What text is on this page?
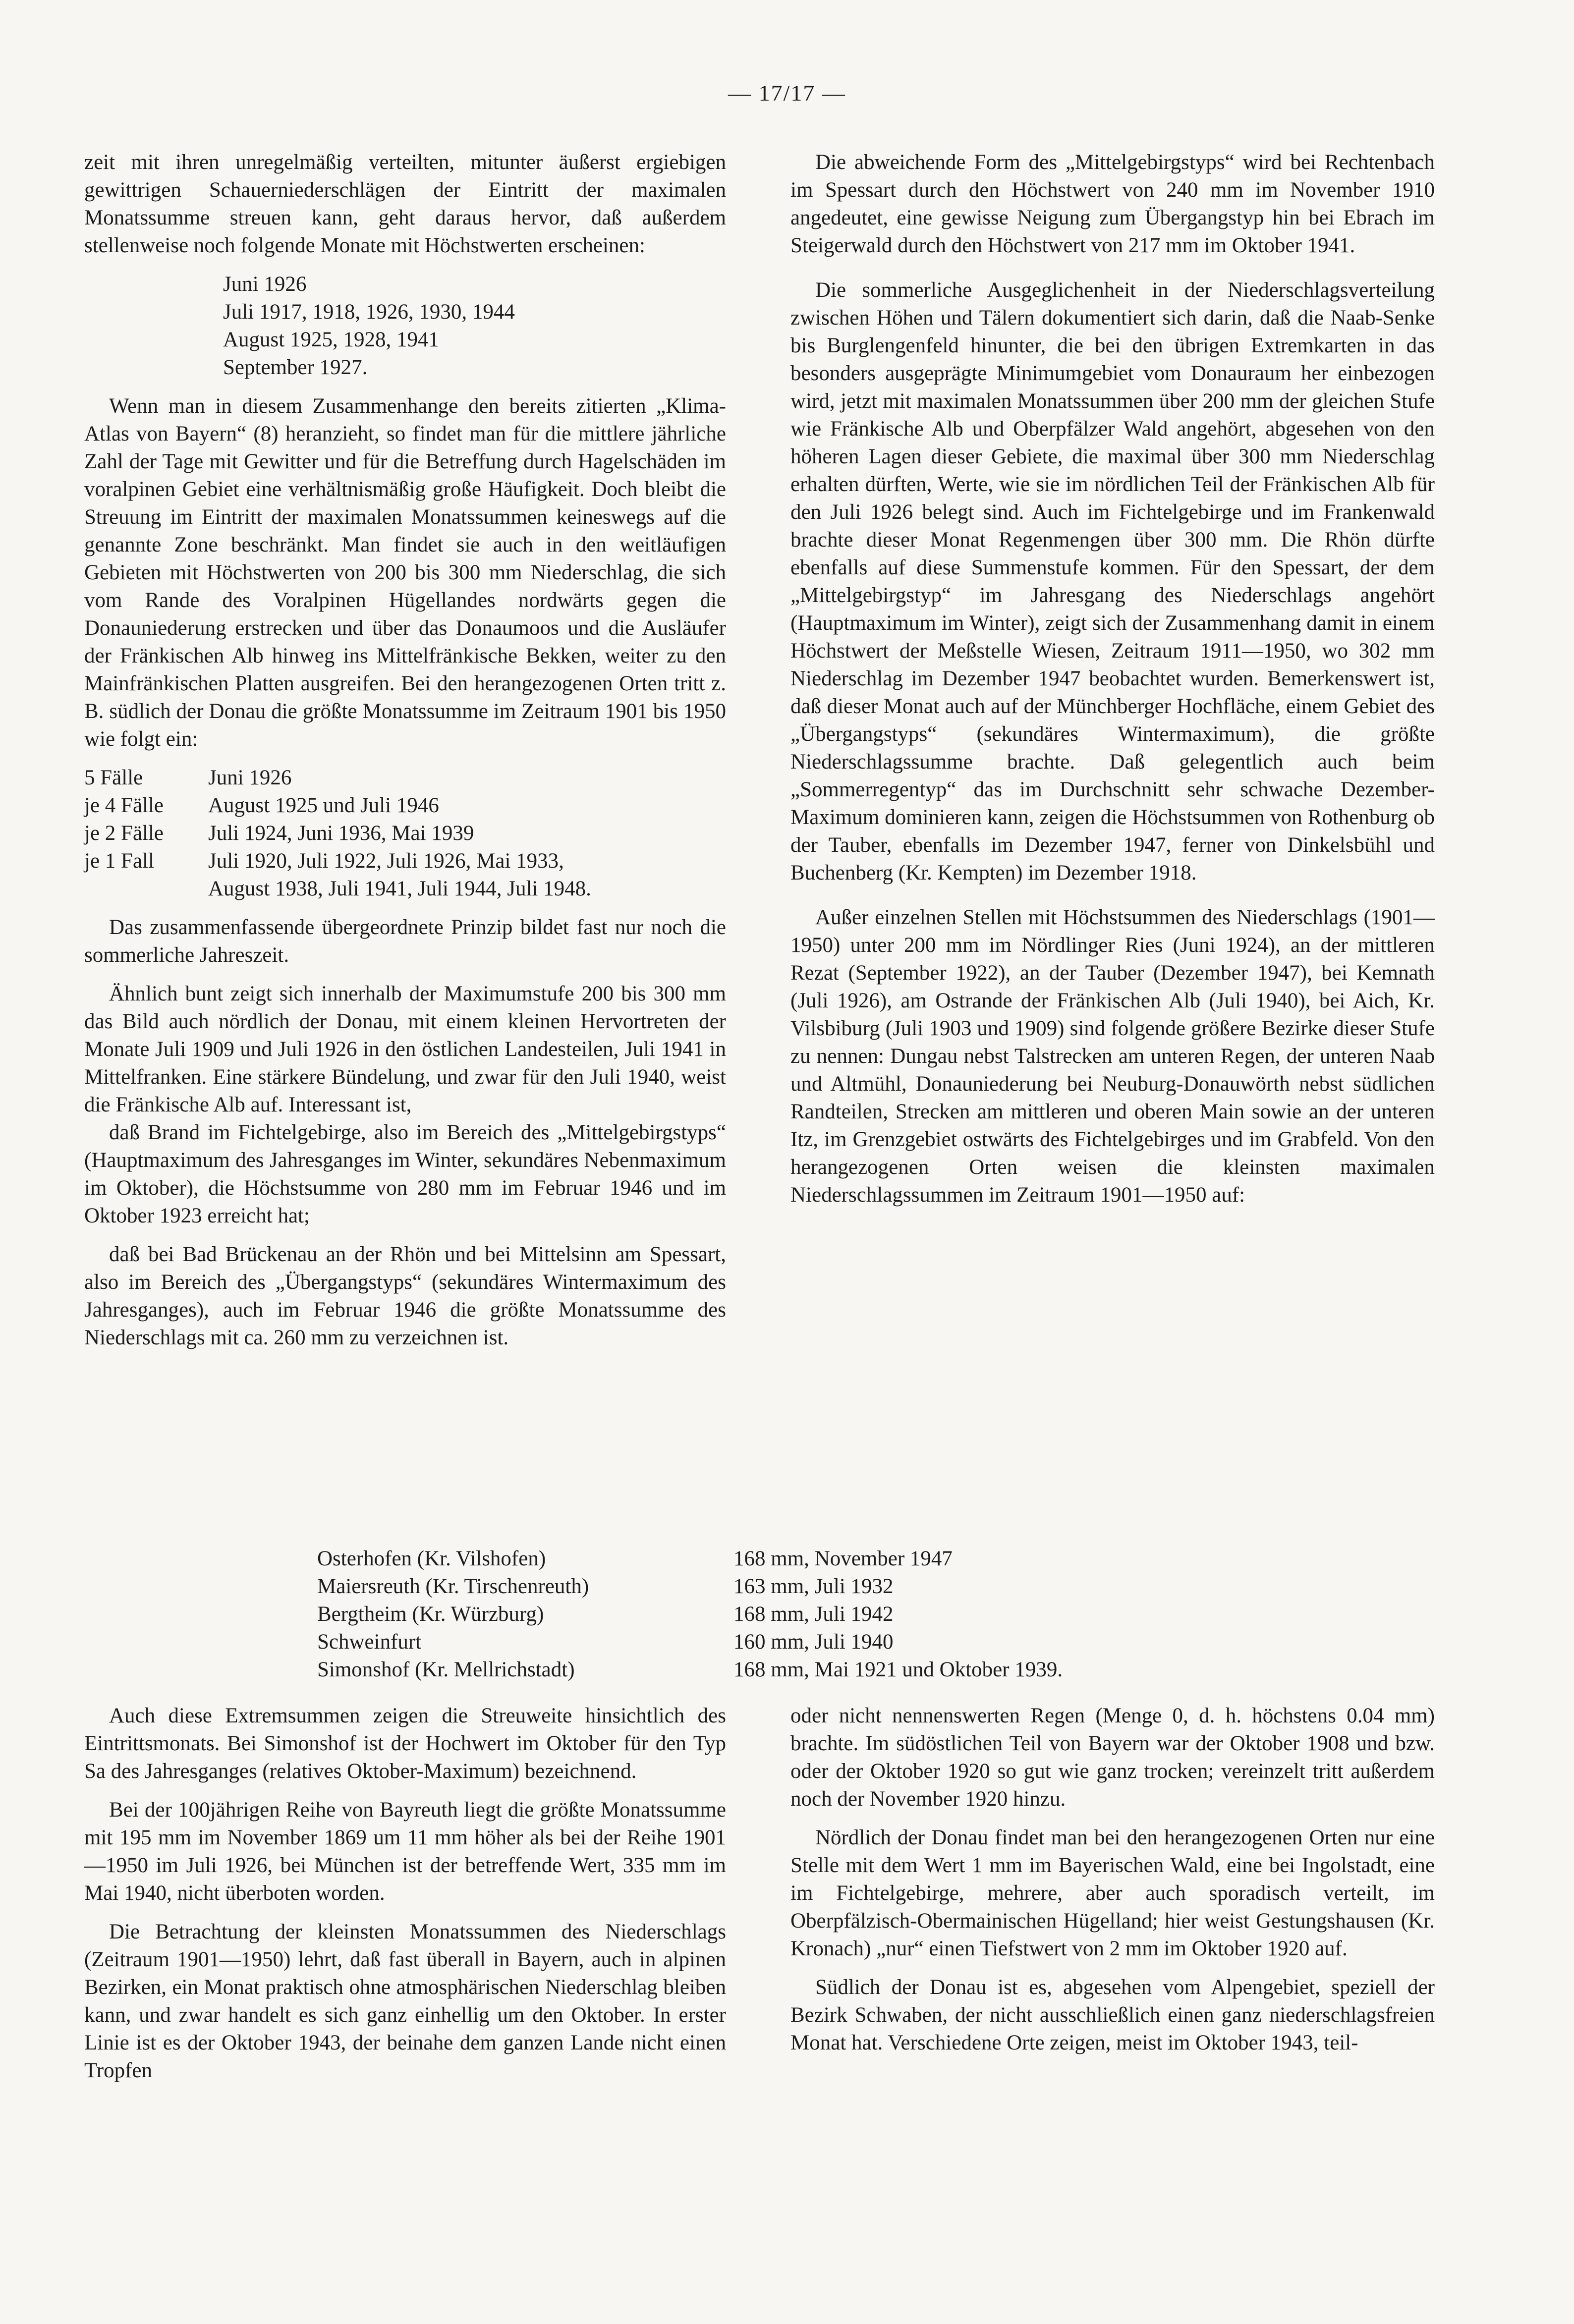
— 17/17 —

zeit mit ihren unregelmäßig verteilten, mitunter äußerst ergiebigen gewittrigen Schauerniederschlägen der Eintritt der maximalen Monatssumme streuen kann, geht daraus hervor, daß außerdem stellenweise noch folgende Monate mit Höchstwerten erscheinen:

Juni 1926
Juli 1917, 1918, 1926, 1930, 1944
August 1925, 1928, 1941
September 1927.

Wenn man in diesem Zusammenhange den bereits zitierten „Klima-Atlas von Bayern“ (8) heranzieht, so findet man für die mittlere jährliche Zahl der Tage mit Gewitter und für die Betreffung durch Hagelschäden im voralpinen Gebiet eine verhältnismäßig große Häufigkeit. Doch bleibt die Streuung im Eintritt der maximalen Monatssummen keineswegs auf die genannte Zone beschränkt. Man findet sie auch in den weitläufigen Gebieten mit Höchstwerten von 200 bis 300 mm Niederschlag, die sich vom Rande des Voralpinen Hügellandes nordwärts gegen die Donauniederung erstrecken und über das Donaumoos und die Ausläufer der Fränkischen Alb hinweg ins Mittelfränkische Bekken, weiter zu den Mainfränkischen Platten ausgreifen. Bei den herangezogenen Orten tritt z. B. südlich der Donau die größte Monatssumme im Zeitraum 1901 bis 1950 wie folgt ein:

5 Fälle	Juni 1926
je 4 Fälle	August 1925 und Juli 1946
je 2 Fälle	Juli 1924, Juni 1936, Mai 1939
je 1 Fall	Juli 1920, Juli 1922, Juli 1926, Mai 1933,
August 1938, Juli 1941, Juli 1944, Juli 1948.

Das zusammenfassende übergeordnete Prinzip bildet fast nur noch die sommerliche Jahreszeit.

Ähnlich bunt zeigt sich innerhalb der Maximumstufe 200 bis 300 mm das Bild auch nördlich der Donau, mit einem kleinen Hervortreten der Monate Juli 1909 und Juli 1926 in den östlichen Landesteilen, Juli 1941 in Mittelfranken. Eine stärkere Bündelung, und zwar für den Juli 1940, weist die Fränkische Alb auf. Interessant ist,

daß Brand im Fichtelgebirge, also im Bereich des „Mittelgebirgstyps“ (Hauptmaximum des Jahresganges im Winter, sekundäres Nebenmaximum im Oktober), die Höchstsumme von 280 mm im Februar 1946 und im Oktober 1923 erreicht hat;

daß bei Bad Brückenau an der Rhön und bei Mittelsinn am Spessart, also im Bereich des „Übergangstyps“ (sekundäres Wintermaximum des Jahresganges), auch im Februar 1946 die größte Monatssumme des Niederschlags mit ca. 260 mm zu verzeichnen ist.

Die abweichende Form des „Mittelgebirgstyps“ wird bei Rechtenbach im Spessart durch den Höchstwert von 240 mm im November 1910 angedeutet, eine gewisse Neigung zum Übergangstyp hin bei Ebrach im Steigerwald durch den Höchstwert von 217 mm im Oktober 1941.

Die sommerliche Ausgeglichenheit in der Niederschlagsverteilung zwischen Höhen und Tälern dokumentiert sich darin, daß die Naab-Senke bis Burglengenfeld hinunter, die bei den übrigen Extremkarten in das besonders ausgeprägte Minimumgebiet vom Donauraum her einbezogen wird, jetzt mit maximalen Monatssummen über 200 mm der gleichen Stufe wie Fränkische Alb und Oberpfälzer Wald angehört, abgesehen von den höheren Lagen dieser Gebiete, die maximal über 300 mm Niederschlag erhalten dürften, Werte, wie sie im nördlichen Teil der Fränkischen Alb für den Juli 1926 belegt sind. Auch im Fichtelgebirge und im Frankenwald brachte dieser Monat Regenmengen über 300 mm. Die Rhön dürfte ebenfalls auf diese Summenstufe kommen. Für den Spessart, der dem „Mittelgebirgstyp“ im Jahresgang des Niederschlags angehört (Hauptmaximum im Winter), zeigt sich der Zusammenhang damit in einem Höchstwert der Meßstelle Wiesen, Zeitraum 1911—1950, wo 302 mm Niederschlag im Dezember 1947 beobachtet wurden. Bemerkenswert ist, daß dieser Monat auch auf der Münchberger Hochfläche, einem Gebiet des „Übergangstyps“ (sekundäres Wintermaximum), die größte Niederschlagssumme brachte. Daß gelegentlich auch beim „Sommerregentyp“ das im Durchschnitt sehr schwache Dezember-Maximum dominieren kann, zeigen die Höchstsummen von Rothenburg ob der Tauber, ebenfalls im Dezember 1947, ferner von Dinkelsbühl und Buchenberg (Kr. Kempten) im Dezember 1918.

Außer einzelnen Stellen mit Höchstsummen des Niederschlags (1901—1950) unter 200 mm im Nördlinger Ries (Juni 1924), an der mittleren Rezat (September 1922), an der Tauber (Dezember 1947), bei Kemnath (Juli 1926), am Ostrande der Fränkischen Alb (Juli 1940), bei Aich, Kr. Vilsbiburg (Juli 1903 und 1909) sind folgende größere Bezirke dieser Stufe zu nennen: Dungau nebst Talstrecken am unteren Regen, der unteren Naab und Altmühl, Donauniederung bei Neuburg-Donauwörth nebst südlichen Randteilen, Strecken am mittleren und oberen Main sowie an der unteren Itz, im Grenzgebiet ostwärts des Fichtelgebirges und im Grabfeld. Von den herangezogenen Orten weisen die kleinsten maximalen Niederschlagssummen im Zeitraum 1901—1950 auf:

Osterhofen (Kr. Vilshofen)	168 mm, November 1947
Maiersreuth (Kr. Tirschenreuth)	163 mm, Juli 1932
Bergtheim (Kr. Würzburg)	168 mm, Juli 1942
Schweinfurt	160 mm, Juli 1940
Simonshof (Kr. Mellrichstadt)	168 mm, Mai 1921 und Oktober 1939.

Auch diese Extremsummen zeigen die Streuweite hinsichtlich des Eintrittsmonats. Bei Simonshof ist der Hochwert im Oktober für den Typ Sa des Jahresganges (relatives Oktober-Maximum) bezeichnend.

Bei der 100jährigen Reihe von Bayreuth liegt die größte Monatssumme mit 195 mm im November 1869 um 11 mm höher als bei der Reihe 1901—1950 im Juli 1926, bei München ist der betreffende Wert, 335 mm im Mai 1940, nicht überboten worden.

Die Betrachtung der kleinsten Monatssummen des Niederschlags (Zeitraum 1901—1950) lehrt, daß fast überall in Bayern, auch in alpinen Bezirken, ein Monat praktisch ohne atmosphärischen Niederschlag bleiben kann, und zwar handelt es sich ganz einhellig um den Oktober. In erster Linie ist es der Oktober 1943, der beinahe dem ganzen Lande nicht einen Tropfen

oder nicht nennenswerten Regen (Menge 0, d. h. höchstens 0.04 mm) brachte. Im südöstlichen Teil von Bayern war der Oktober 1908 und bzw. oder der Oktober 1920 so gut wie ganz trocken; vereinzelt tritt außerdem noch der November 1920 hinzu.

Nördlich der Donau findet man bei den herangezogenen Orten nur eine Stelle mit dem Wert 1 mm im Bayerischen Wald, eine bei Ingolstadt, eine im Fichtelgebirge, mehrere, aber auch sporadisch verteilt, im Oberpfälzisch-Obermainischen Hügelland; hier weist Gestungshausen (Kr. Kronach) „nur“ einen Tiefstwert von 2 mm im Oktober 1920 auf.

Südlich der Donau ist es, abgesehen vom Alpengebiet, speziell der Bezirk Schwaben, der nicht ausschließlich einen ganz niederschlagsfreien Monat hat. Verschiedene Orte zeigen, meist im Oktober 1943, teil-
